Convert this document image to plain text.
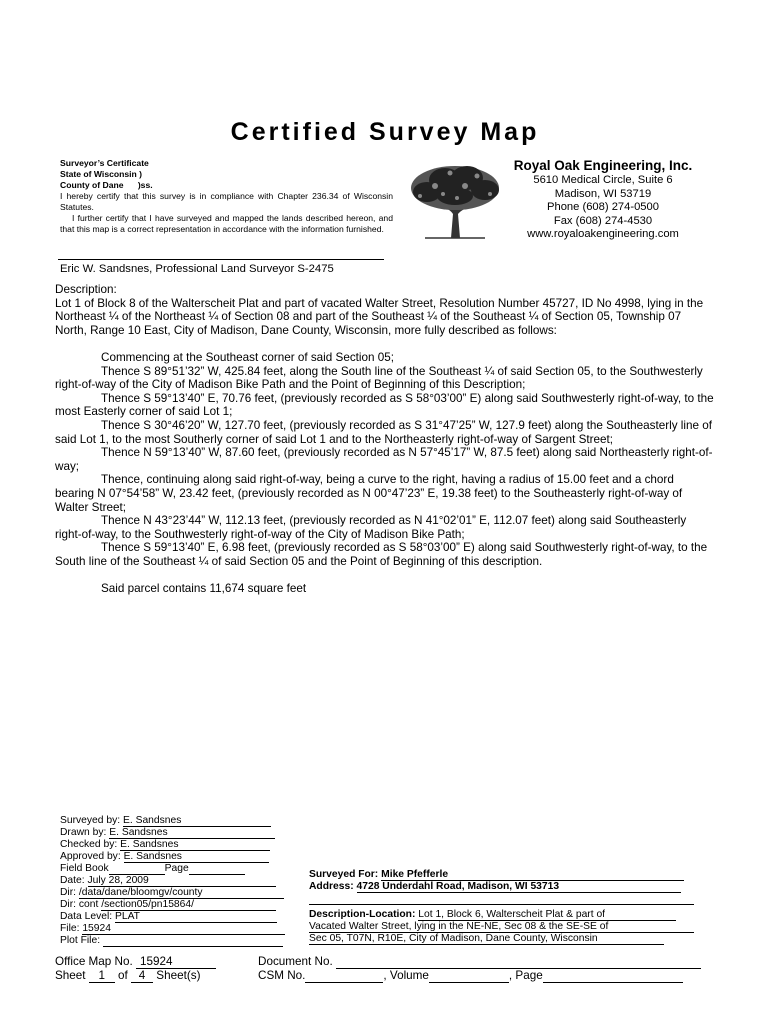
Certified Survey Map
Surveyor’s Certificate
State of Wisconsin )
County of Dane      )ss.
I hereby certify that this survey is in compliance with Chapter 236.34 of Wisconsin Statutes.
I further certify that I have surveyed and mapped the lands described hereon, and that this map is a correct representation in accordance with the information furnished.
Royal Oak Engineering, Inc.
5610 Medical Circle, Suite 6
Madison, WI 53719
Phone (608) 274-0500
Fax (608) 274-4530
www.royaloakengineering.com
Eric W. Sandsnes, Professional Land Surveyor S-2475
Description:
Lot 1 of Block 8 of the Walterscheit Plat and part of vacated Walter Street, Resolution Number 45727, ID No 4998, lying in the Northeast ¼ of the Northeast ¼ of Section 08 and part of the Southeast ¼ of the Southeast ¼ of Section 05, Township 07 North, Range 10 East, City of Madison, Dane County, Wisconsin, more fully described as follows:
Commencing at the Southeast corner of said Section 05;
Thence S 89°51’32” W, 425.84 feet, along the South line of the Southeast ¼ of said Section 05, to the Southwesterly right-of-way of the City of Madison Bike Path and the Point of Beginning of this Description;
Thence S 59°13’40” E, 70.76 feet, (previously recorded as S 58°03’00” E) along said Southwesterly right-of-way, to the most Easterly corner of said Lot 1;
Thence S 30°46’20” W, 127.70 feet, (previously recorded as S 31°47’25” W, 127.9 feet) along the Southeasterly line of said Lot 1, to the most Southerly corner of said Lot 1 and to the Northeasterly right-of-way of Sargent Street;
Thence N 59°13’40” W, 87.60 feet, (previously recorded as N 57°45’17” W, 87.5 feet) along said Northeasterly right-of-way;
Thence, continuing along said right-of-way, being a curve to the right, having a radius of 15.00 feet and a chord bearing N 07°54’58” W, 23.42 feet, (previously recorded as N 00°47’23” E, 19.38 feet) to the Southeasterly right-of-way of Walter Street;
Thence N 43°23’44” W, 112.13 feet, (previously recorded as N 41°02’01” E, 112.07 feet) along said Southeasterly right-of-way, to the Southwesterly right-of-way of the City of Madison Bike Path;
Thence S 59°13’40” E, 6.98 feet, (previously recorded as S 58°03’00” E) along said Southwesterly right-of-way, to the South line of the Southeast ¼ of said Section 05 and the Point of Beginning of this description.
Said parcel contains 11,674 square feet
Surveyed by: E. Sandsnes
Drawn by: E. Sandsnes
Checked by: E. Sandsnes
Approved by: E. Sandsnes
Field Book	Page
Date: July 28, 2009
Dir: /data/dane/bloomgv/county
Dir: cont /section05/pn15864/
Data Level: PLAT
File: 15924
Plot File:
Surveyed For: Mike Pfefferle
Address: 4728 Underdahl Road, Madison, WI 53713
Description-Location: Lot 1, Block 6, Walterscheit Plat & part of
Vacated Walter Street, lying in the NE-NE, Sec 08 & the SE-SE of
Sec 05, T07N, R10E, City of Madison, Dane County, Wisconsin
Office Map No. 15924
Sheet 1 of 4 Sheet(s)
Document No.
CSM No.	, Volume	, Page
